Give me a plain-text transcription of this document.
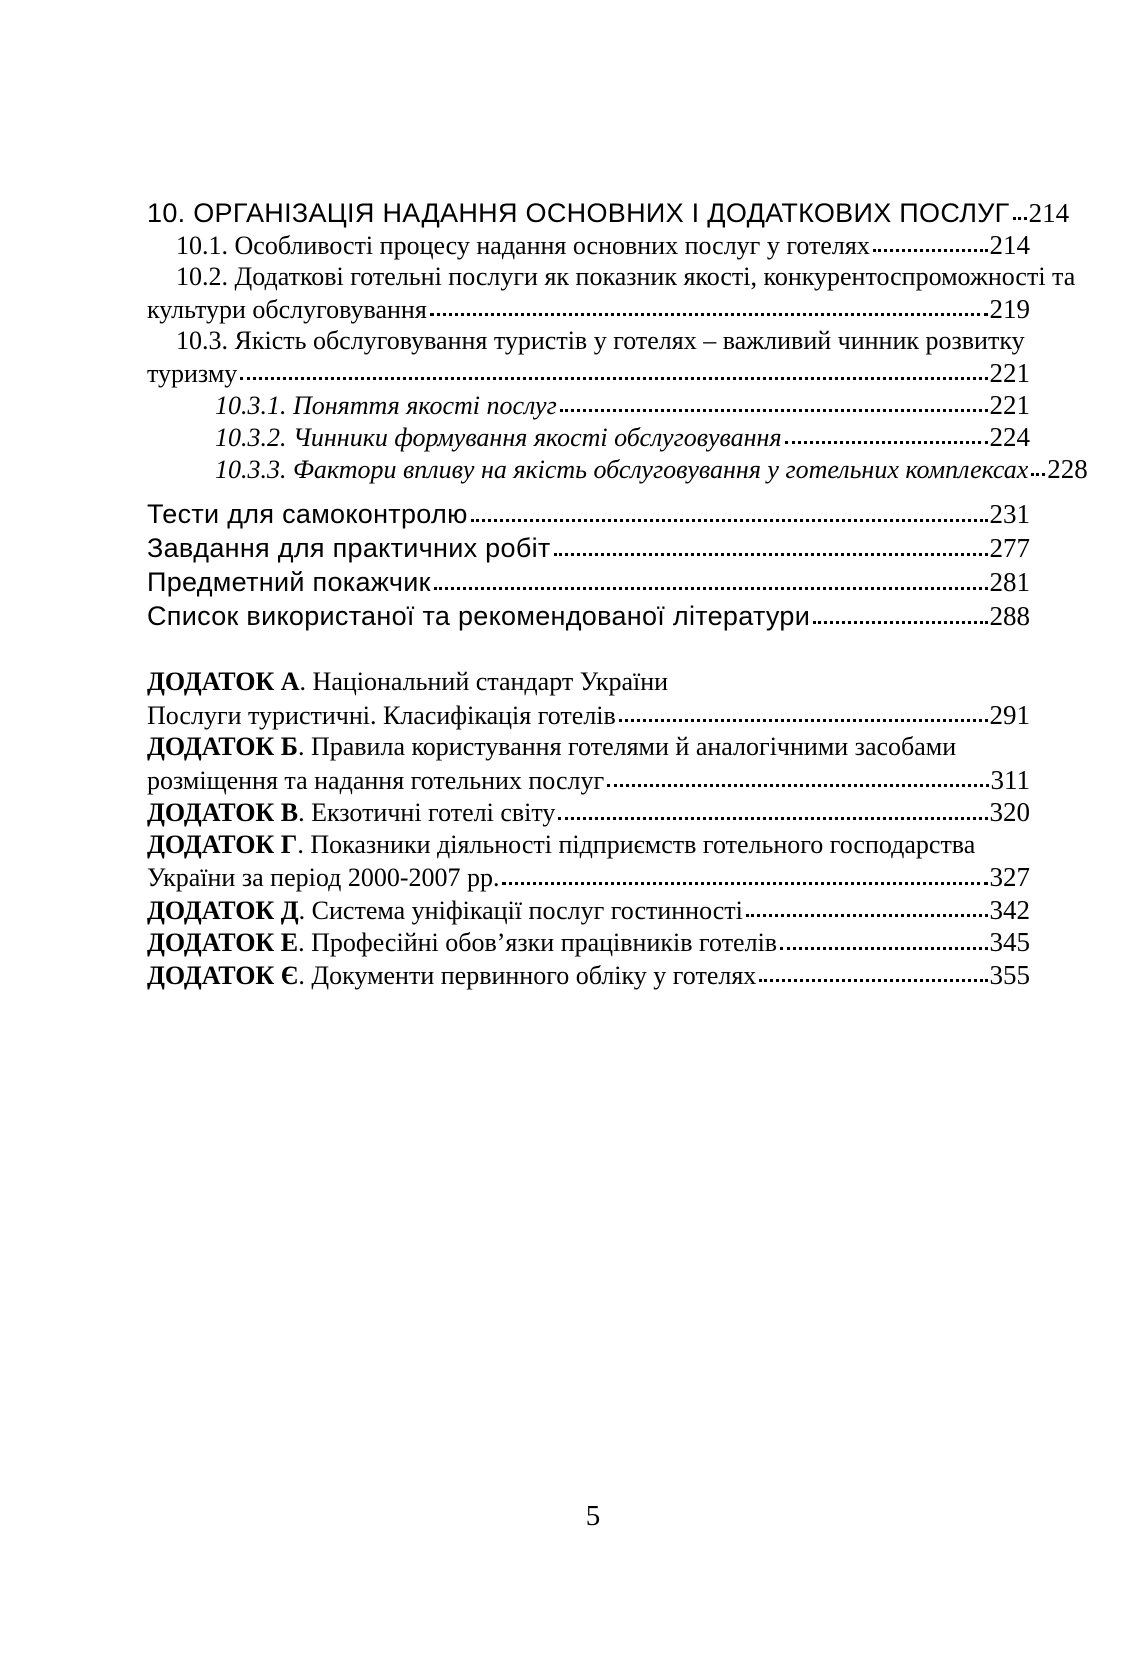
10. ОРГАНІЗАЦІЯ НАДАННЯ ОСНОВНИХ І ДОДАТКОВИХ ПОСЛУГ 214
10.1. Особливості процесу надання основних послуг у готелях	214
10.2. Додаткові готельні послуги як показник якості, конкурентоспроможності та
культури обслуговування	219
10.3. Якість обслуговування туристів у готелях – важливий чинник розвитку
туризму	221
10.3.1. Поняття якості послуг	221
10.3.2. Чинники формування якості обслуговування	224
10.3.3. Фактори впливу на якість обслуговування у готельних комплексах 228
Тести для самоконтролю	231
Завдання для практичних робіт	277
Предметний покажчик	281
Список використаної та рекомендованої літератури	288
ДОДАТОК А. Національний стандарт України
Послуги туристичні. Класифікація готелів	291
ДОДАТОК Б. Правила користування готелями й аналогічними засобами
розміщення та надання готельних послуг	311
ДОДАТОК В. Екзотичні готелі світу	320
ДОДАТОК Г. Показники діяльності підприємств готельного господарства
України за період 2000-2007 рр.	327
ДОДАТОК Д. Система уніфікації послуг гостинності	342
ДОДАТОК Е. Професійні обов’язки працівників готелів	345
ДОДАТОК Є. Документи первинного обліку у готелях	355
5
